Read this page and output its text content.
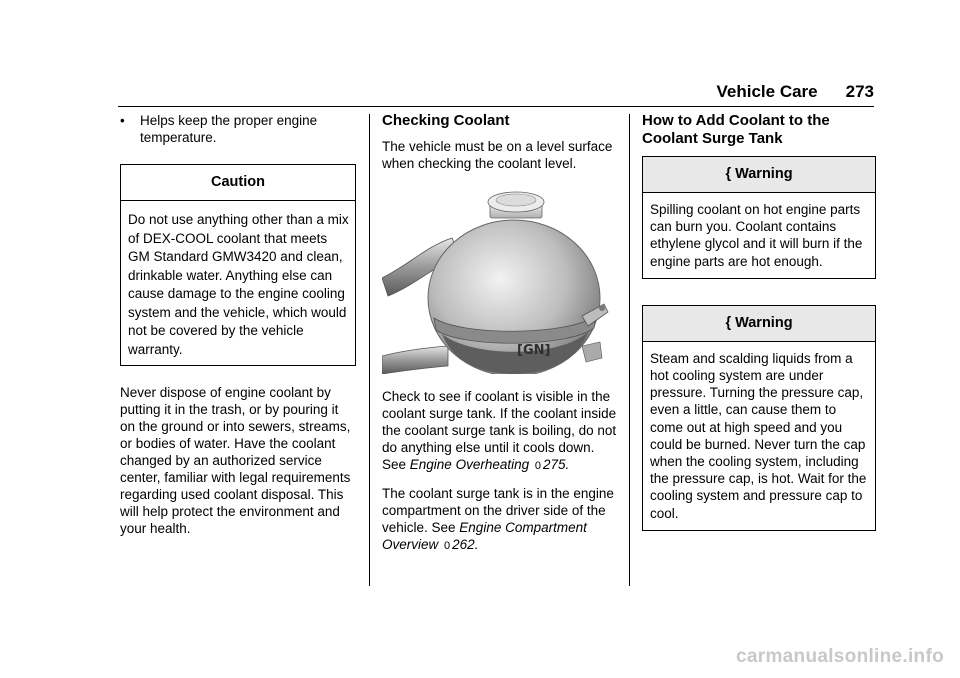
Vehicle Care 273
• Helps keep the proper engine temperature.
Caution
Do not use anything other than a mix of DEX-COOL coolant that meets GM Standard GMW3420 and clean, drinkable water. Anything else can cause damage to the engine cooling system and the vehicle, which would not be covered by the vehicle warranty.

Never dispose of engine coolant by putting it in the trash, or by pouring it on the ground or into sewers, streams, or bodies of water. Have the coolant changed by an authorized service center, familiar with legal requirements regarding used coolant disposal. This will help protect the environment and your health.

Checking Coolant

The vehicle must be on a level surface when checking the coolant level.

[GN]

Check to see if coolant is visible in the coolant surge tank. If the coolant inside the coolant surge tank is boiling, do not do anything else until it cools down. See Engine Overheating 0 275.

The coolant surge tank is in the engine compartment on the driver side of the vehicle. See Engine Compartment Overview 0 262.

How to Add Coolant to the Coolant Surge Tank
{ Warning
Spilling coolant on hot engine parts can burn you. Coolant contains ethylene glycol and it will burn if the engine parts are hot enough.
{ Warning
Steam and scalding liquids from a hot cooling system are under pressure. Turning the pressure cap, even a little, can cause them to come out at high speed and you could be burned. Never turn the cap when the cooling system, including the pressure cap, is hot. Wait for the cooling system and pressure cap to cool.
carmanualsonline.info
